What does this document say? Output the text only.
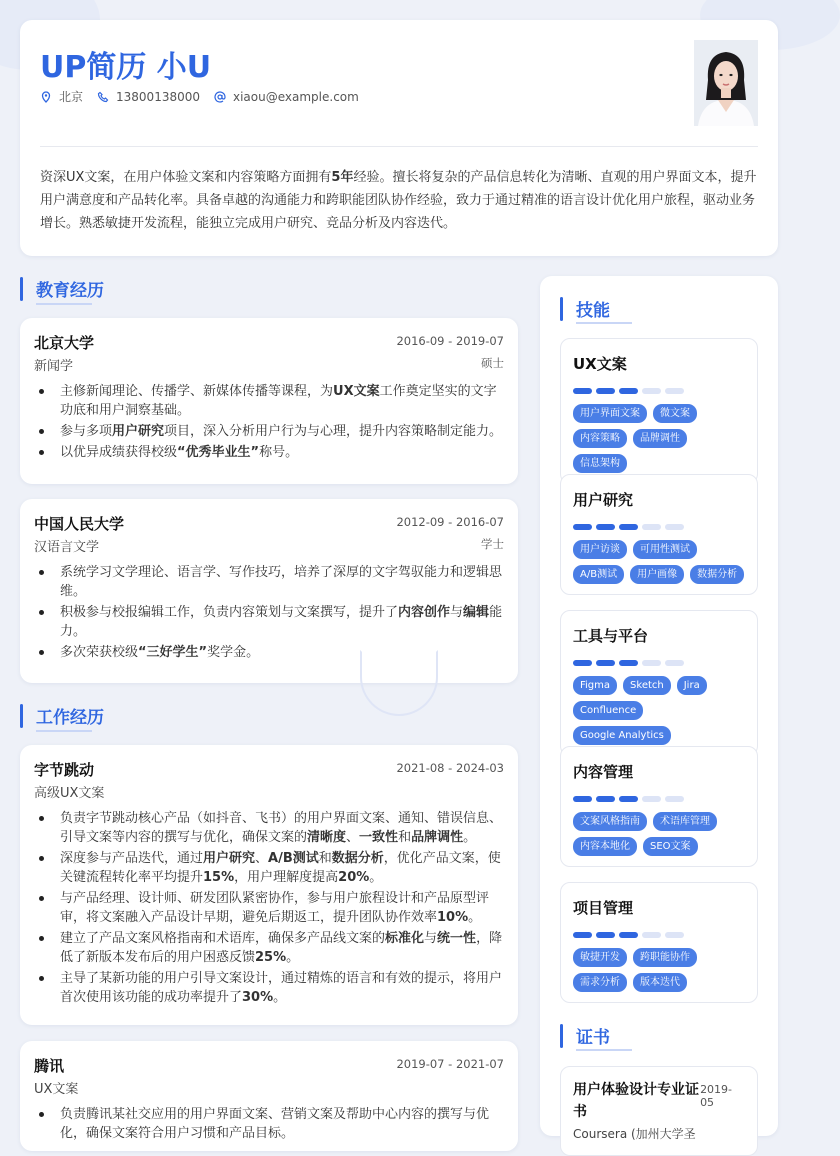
UP简历 小U
北京	13800138000	xiaou@example.com
资深UX文案，在用户体验文案和内容策略方面拥有5年经验。擅长将复杂的产品信息转化为清晰、直观的用户界面文本，提升用户满意度和产品转化率。具备卓越的沟通能力和跨职能团队协作经验，致力于通过精准的语言设计优化用户旅程，驱动业务增长。熟悉敏捷开发流程，能独立完成用户研究、竞品分析及内容迭代。
教育经历
北京大学	2016-09 - 2019-07
新闻学	硕士
主修新闻理论、传播学、新媒体传播等课程，为UX文案工作奠定坚实的文字功底和用户洞察基础。
参与多项用户研究项目，深入分析用户行为与心理，提升内容策略制定能力。
以优异成绩获得校级“优秀毕业生”称号。
中国人民大学	2012-09 - 2016-07
汉语言文学	学士
系统学习文学理论、语言学、写作技巧，培养了深厚的文字驾驭能力和逻辑思维。
积极参与校报编辑工作，负责内容策划与文案撰写，提升了内容创作与编辑能力。
多次荣获校级“三好学生”奖学金。
工作经历
字节跳动	2021-08 - 2024-03
高级UX文案
负责字节跳动核心产品（如抖音、飞书）的用户界面文案、通知、错误信息、引导文案等内容的撰写与优化，确保文案的清晰度、一致性和品牌调性。
深度参与产品迭代，通过用户研究、A/B测试和数据分析，优化产品文案，使关键流程转化率平均提升15%，用户理解度提高20%。
与产品经理、设计师、研发团队紧密协作，参与用户旅程设计和产品原型评审，将文案融入产品设计早期，避免后期返工，提升团队协作效率10%。
建立了产品文案风格指南和术语库，确保多产品线文案的标准化与统一性，降低了新版本发布后的用户困惑反馈25%。
主导了某新功能的用户引导文案设计，通过精炼的语言和有效的提示，将用户首次使用该功能的成功率提升了30%。
腾讯	2019-07 - 2021-07
UX文案
负责腾讯某社交应用的用户界面文案、营销文案及帮助中心内容的撰写与优化，确保文案符合用户习惯和产品目标。
技能
UX文案
用户界面文案	微文案
内容策略	品牌调性
信息架构
用户研究
用户访谈	可用性测试
A/B测试	用户画像	数据分析
工具与平台
Figma	Sketch	Jira
Confluence
Google Analytics
内容管理
文案风格指南	术语库管理
内容本地化	SEO文案
项目管理
敏捷开发	跨职能协作
需求分析	版本迭代
证书
用户体验设计专业证书
2019-05
Coursera (加州大学圣
